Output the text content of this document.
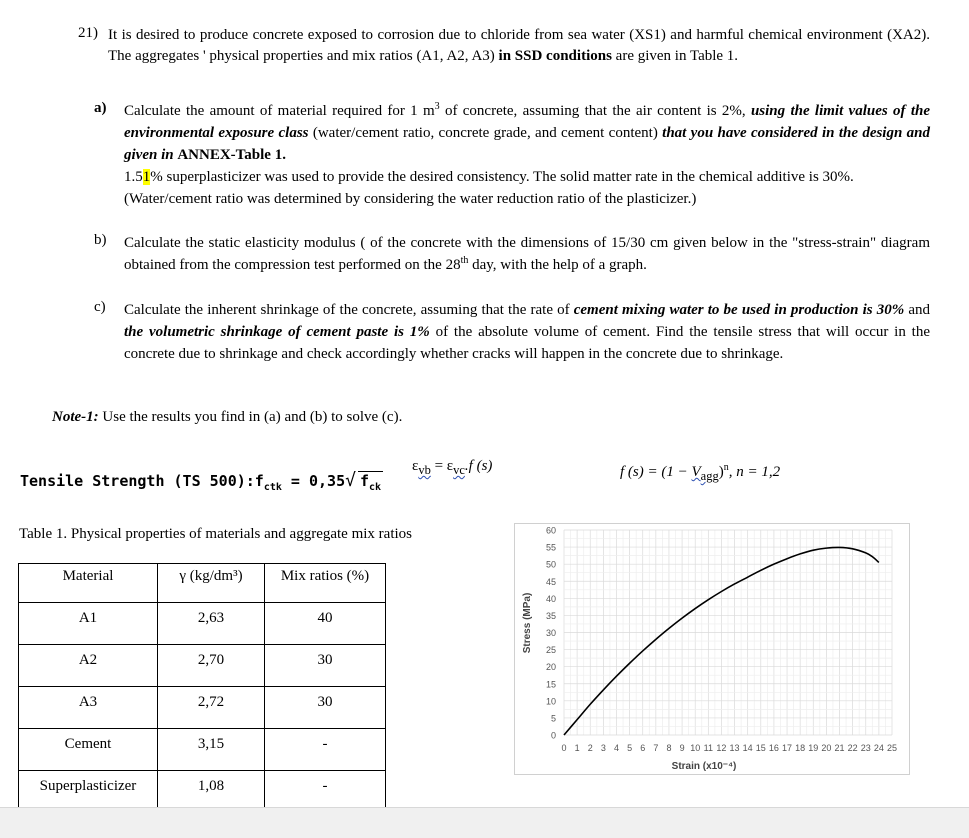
21) It is desired to produce concrete exposed to corrosion due to chloride from sea water (XS1) and harmful chemical environment (XA2). The aggregates ' physical properties and mix ratios (A1, A2, A3) in SSD conditions are given in Table 1.
a) Calculate the amount of material required for 1 $m^3$ of concrete, assuming that the air content is 2%, using the limit values of the environmental exposure class (water/cement ratio, concrete grade, and cement content) that you have considered in the design and given in ANNEX-Table 1.
1.51% superplasticizer was used to provide the desired consistency. The solid matter rate in the chemical additive is 30%.
(Water/cement ratio was determined by considering the water reduction ratio of the plasticizer.)
b) Calculate the static elasticity modulus ( of the concrete with the dimensions of 15/30 cm given below in the "stress-strain" diagram obtained from the compression test performed on the 28th day, with the help of a graph.
c) Calculate the inherent shrinkage of the concrete, assuming that the rate of cement mixing water to be used in production is 30% and the volumetric shrinkage of cement paste is 1% of the absolute volume of cement. Find the tensile stress that will occur in the concrete due to shrinkage and check accordingly whether cracks will happen in the concrete due to shrinkage.
Note-1: Use the results you find in (a) and (b) to solve (c).
Tensile Strength (TS $500):f_{ctk} = 0,35√$ $f_{ck}$
$\varepsilon_{vb} = \varepsilon_{vc}.f$ (s)	f $(s) = (1 - V_{agg})^n$, n = 1,2
Table 1. Physical properties of materials and aggregate mix ratios
Material	γ (kg/dm³)	Mix ratios (%)
A1	2,63	40
A2	2,70	30
A3	2,72	30
Cement	3,15	-
Superplasticizer	1,08	-
0
5
10
15
20
25
30
35
40
45
50
55
60
0 1 2 3 4 5 6 7 8 9 10 11 12 13 14 15 16 17 18 19 20 21 22 23 24 25
Stress (MPa)
Strain (x10⁻⁴)
